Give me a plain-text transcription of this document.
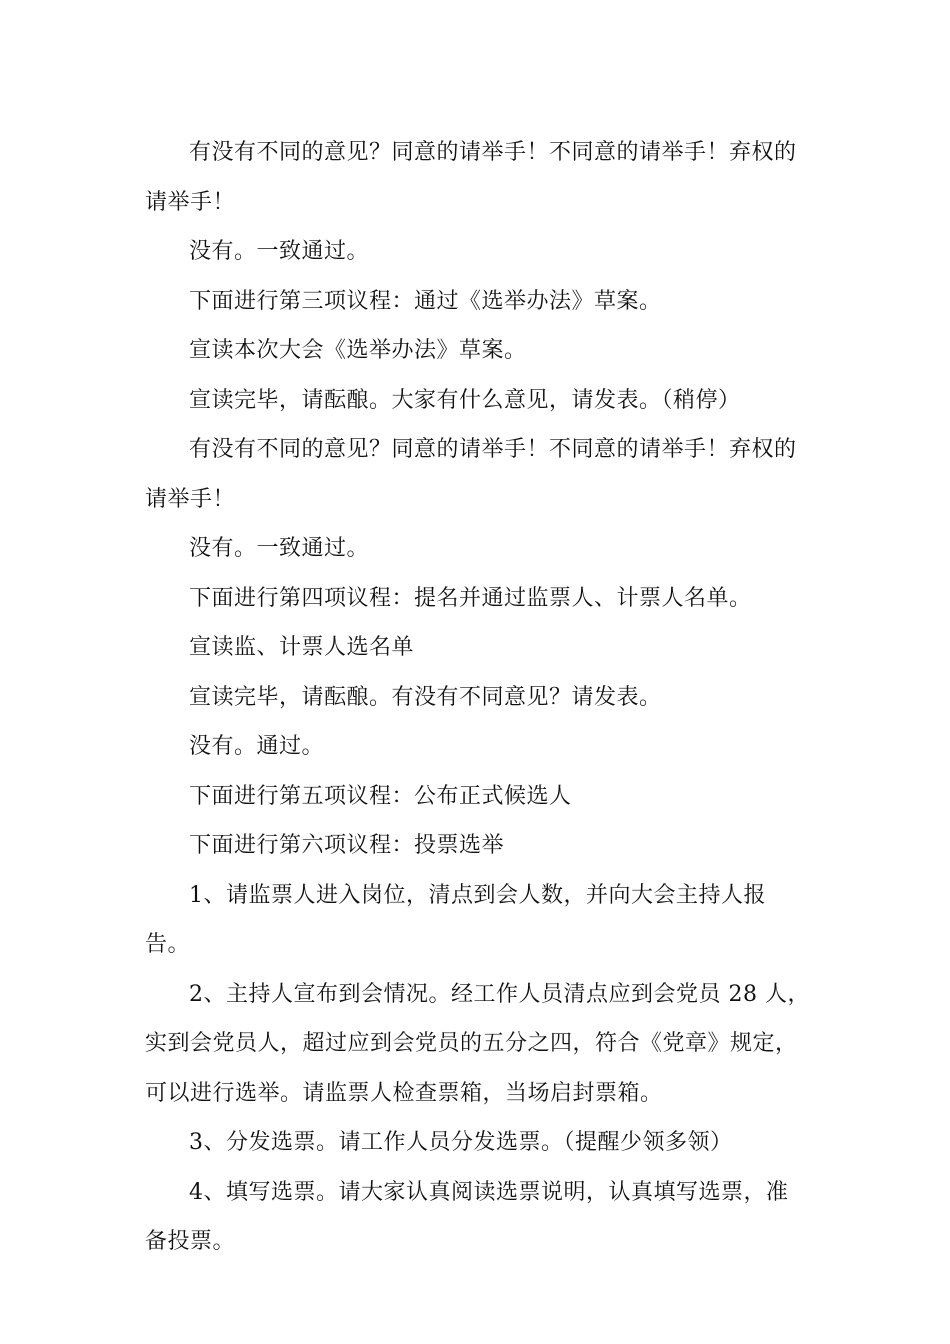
有没有不同的意见？同意的请举手！不同意的请举手！弃权的请举手！

没有。一致通过。

下面进行第三项议程：通过《选举办法》草案。

宣读本次大会《选举办法》草案。

宣读完毕，请酝酿。大家有什么意见，请发表。（稍停）

有没有不同的意见？同意的请举手！不同意的请举手！弃权的请举手！

没有。一致通过。

下面进行第四项议程：提名并通过监票人、计票人名单。

宣读监、计票人选名单

宣读完毕，请酝酿。有没有不同意见？请发表。

没有。通过。

下面进行第五项议程：公布正式候选人

下面进行第六项议程：投票选举

1、请监票人进入岗位，清点到会人数，并向大会主持人报告。

2、主持人宣布到会情况。经工作人员清点应到会党员 28 人，实到会党员人，超过应到会党员的五分之四，符合《党章》规定，可以进行选举。请监票人检查票箱，当场启封票箱。

3、分发选票。请工作人员分发选票。（提醒少领多领）

4、填写选票。请大家认真阅读选票说明，认真填写选票，准备投票。
